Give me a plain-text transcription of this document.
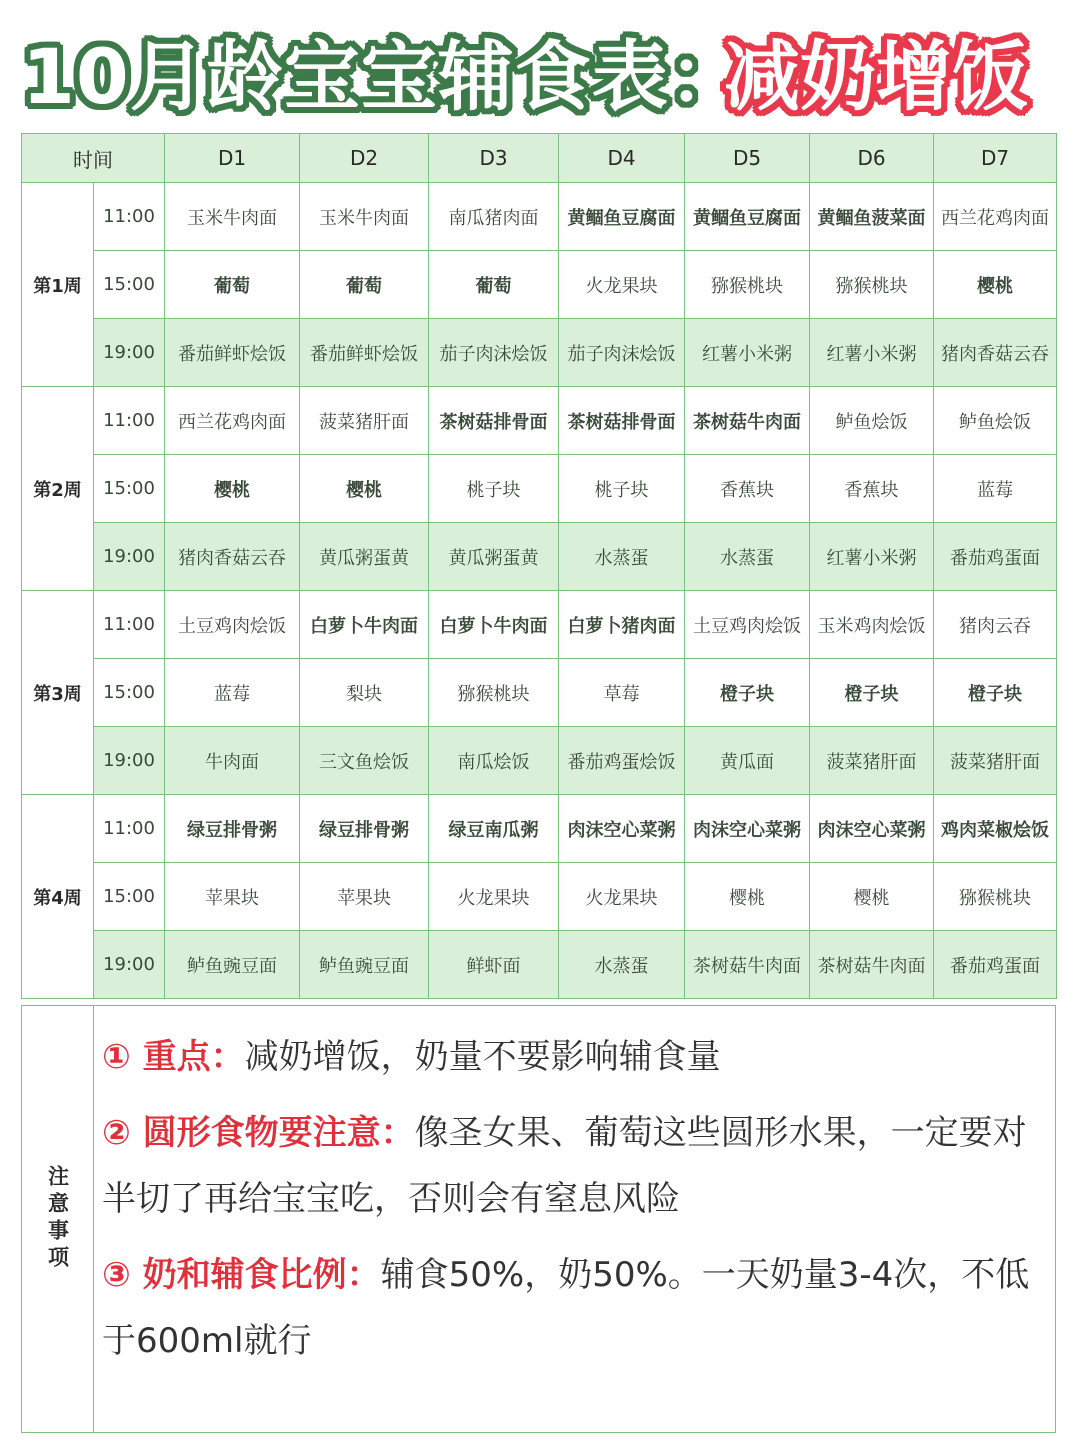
10月龄宝宝辅食表：
减奶增饭
时间		D1	D2	D3	D4	D5	D6	D7
第1周	11:00	玉米牛肉面	玉米牛肉面	南瓜猪肉面	黄鲴鱼豆腐面	黄鲴鱼豆腐面	黄鲴鱼菠菜面	西兰花鸡肉面
	15:00	葡萄	葡萄	葡萄	火龙果块	猕猴桃块	猕猴桃块	樱桃
	19:00	番茄鲜虾烩饭	番茄鲜虾烩饭	茄子肉沫烩饭	茄子肉沫烩饭	红薯小米粥	红薯小米粥	猪肉香菇云吞
第2周	11:00	西兰花鸡肉面	菠菜猪肝面	茶树菇排骨面	茶树菇排骨面	茶树菇牛肉面	鲈鱼烩饭	鲈鱼烩饭
	15:00	樱桃	樱桃	桃子块	桃子块	香蕉块	香蕉块	蓝莓
	19:00	猪肉香菇云吞	黄瓜粥蛋黄	黄瓜粥蛋黄	水蒸蛋	水蒸蛋	红薯小米粥	番茄鸡蛋面
第3周	11:00	土豆鸡肉烩饭	白萝卜牛肉面	白萝卜牛肉面	白萝卜猪肉面	土豆鸡肉烩饭	玉米鸡肉烩饭	猪肉云吞
	15:00	蓝莓	梨块	猕猴桃块	草莓	橙子块	橙子块	橙子块
	19:00	牛肉面	三文鱼烩饭	南瓜烩饭	番茄鸡蛋烩饭	黄瓜面	菠菜猪肝面	菠菜猪肝面
第4周	11:00	绿豆排骨粥	绿豆排骨粥	绿豆南瓜粥	肉沫空心菜粥	肉沫空心菜粥	肉沫空心菜粥	鸡肉菜椒烩饭
	15:00	苹果块	苹果块	火龙果块	火龙果块	樱桃	樱桃	猕猴桃块
	19:00	鲈鱼豌豆面	鲈鱼豌豆面	鲜虾面	水蒸蛋	茶树菇牛肉面	茶树菇牛肉面	番茄鸡蛋面
注意事项
① 重点：减奶增饭，奶量不要影响辅食量
② 圆形食物要注意：像圣女果、葡萄这些圆形水果，一定要对半切了再给宝宝吃，否则会有窒息风险
③ 奶和辅食比例：辅食50%，奶50%。一天奶量3-4次，不低于600ml就行
